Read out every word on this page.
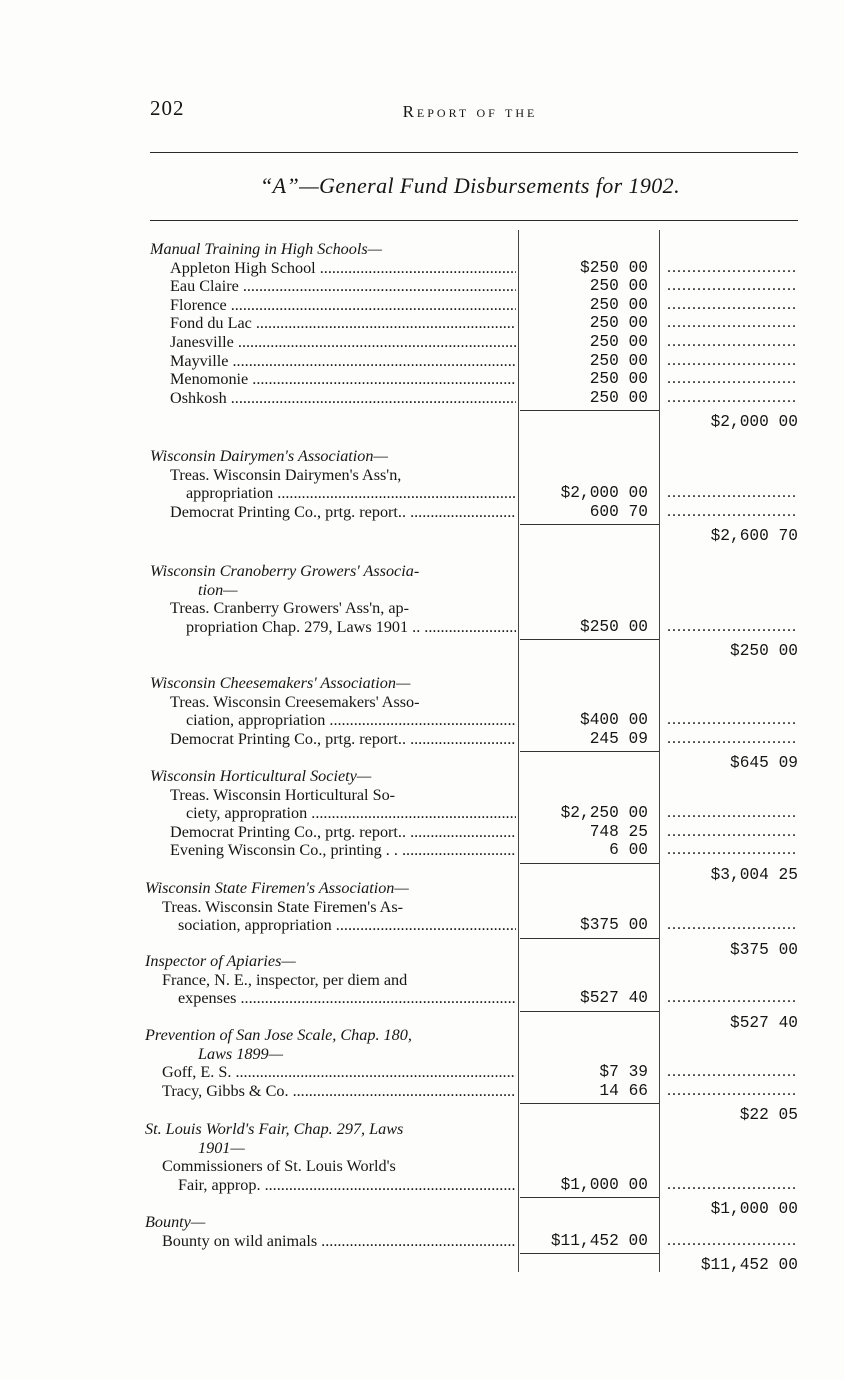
202	Report of the
“A”—General Fund Disbursements for 1902.
Manual Training in High Schools—
Appleton High School .....	$250 00
.....
Eau Claire .....	250 00
.....
Florence .....	250 00
.....
Fond du Lac .....	250 00
.....
Janesville .....	250 00
.....
Mayville .....	250 00
.....
Menomonie .....	250 00
.....
Oshkosh .....	250 00
.....
$2,000 00
Wisconsin Dairymen's Association—
Treas. Wisconsin Dairymen's Ass'n,
appropriation .....	$2,000 00
.....
Democrat Printing Co., prtg. report.. .....	600 70
.....
$2,600 70
Wisconsin Cranoberry Growers' Associa-
tion—
Treas. Cranberry Growers' Ass'n, ap-
propriation Chap. 279, Laws 1901 .. .....	$250 00
.....
$250 00
Wisconsin Cheesemakers' Association—
Treas. Wisconsin Creesemakers' Asso-
ciation, appropriation .....	$400 00
.....
Democrat Printing Co., prtg. report.. .....	245 09
.....
$645 09
Wisconsin Horticultural Society—
Treas. Wisconsin Horticultural So-
ciety, appropration .....	$2,250 00
.....
Democrat Printing Co., prtg. report.. .....	748 25
.....
Evening Wisconsin Co., printing . . .....	6 00
.....
$3,004 25
Wisconsin State Firemen's Association—
Treas. Wisconsin State Firemen's As-
sociation, appropriation .....	$375 00
.....
$375 00
Inspector of Apiaries—
France, N. E., inspector, per diem and
expenses .....	$527 40
.....
$527 40
Prevention of San Jose Scale, Chap. 180,
Laws 1899—
Goff, E. S. .....	$7 39
.....
Tracy, Gibbs & Co. .....	14 66
.....
$22 05
St. Louis World's Fair, Chap. 297, Laws
1901—
Commissioners of St. Louis World's
Fair, approp. .....	$1,000 00
.....
$1,000 00
Bounty—
Bounty on wild animals .....	$11,452 00
.....
$11,452 00
